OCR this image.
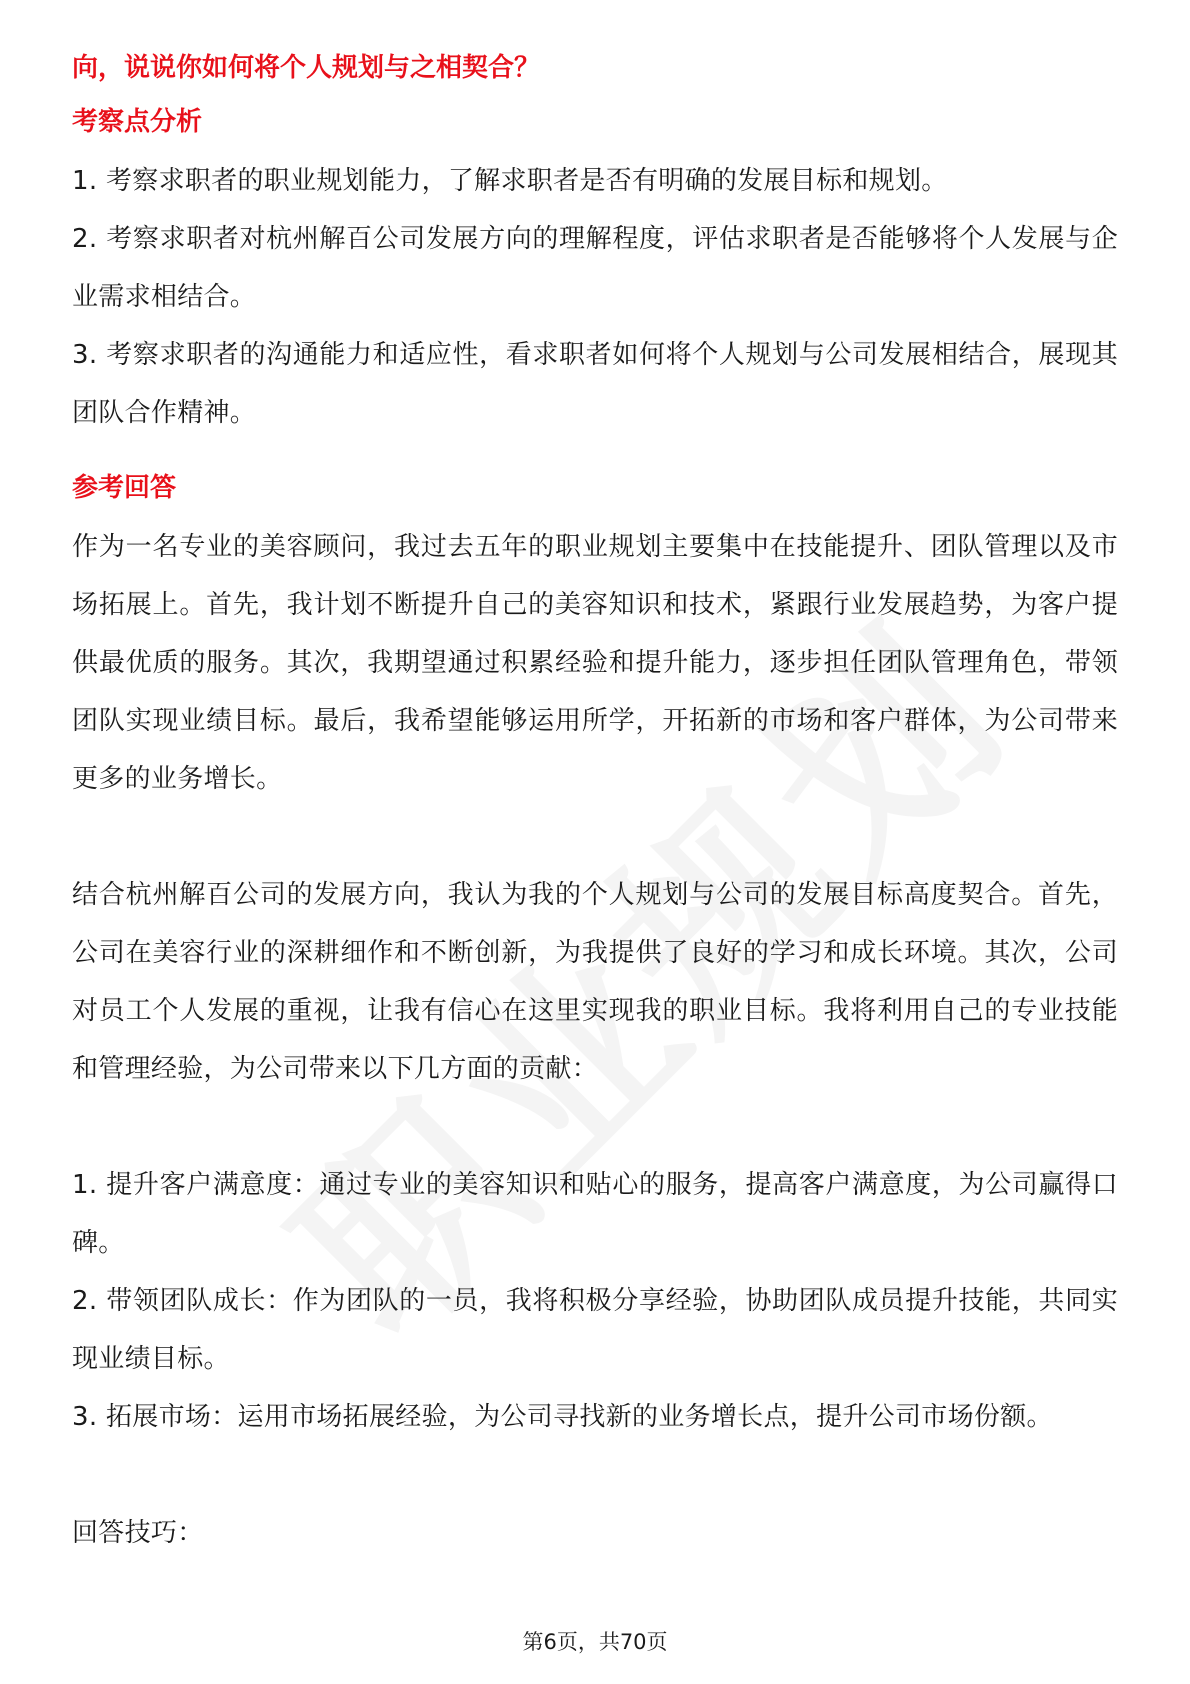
向，说说你如何将个人规划与之相契合？
考察点分析

1. 考察求职者的职业规划能力，了解求职者是否有明确的发展目标和规划。

2. 考察求职者对杭州解百公司发展方向的理解程度，评估求职者是否能够将个人发展与企业需求相结合。

3. 考察求职者的沟通能力和适应性，看求职者如何将个人规划与公司发展相结合，展现其团队合作精神。

参考回答

作为一名专业的美容顾问，我过去五年的职业规划主要集中在技能提升、团队管理以及市场拓展上。首先，我计划不断提升自己的美容知识和技术，紧跟行业发展趋势，为客户提供最优质的服务。其次，我期望通过积累经验和提升能力，逐步担任团队管理角色，带领团队实现业绩目标。最后，我希望能够运用所学，开拓新的市场和客户群体，为公司带来更多的业务增长。

结合杭州解百公司的发展方向，我认为我的个人规划与公司的发展目标高度契合。首先，公司在美容行业的深耕细作和不断创新，为我提供了良好的学习和成长环境。其次，公司对员工个人发展的重视，让我有信心在这里实现我的职业目标。我将利用自己的专业技能和管理经验，为公司带来以下几方面的贡献：

1. 提升客户满意度：通过专业的美容知识和贴心的服务，提高客户满意度，为公司赢得口碑。

2. 带领团队成长：作为团队的一员，我将积极分享经验，协助团队成员提升技能，共同实现业绩目标。

3. 拓展市场：运用市场拓展经验，为公司寻找新的业务增长点，提升公司市场份额。

回答技巧：

第6页，共70页
